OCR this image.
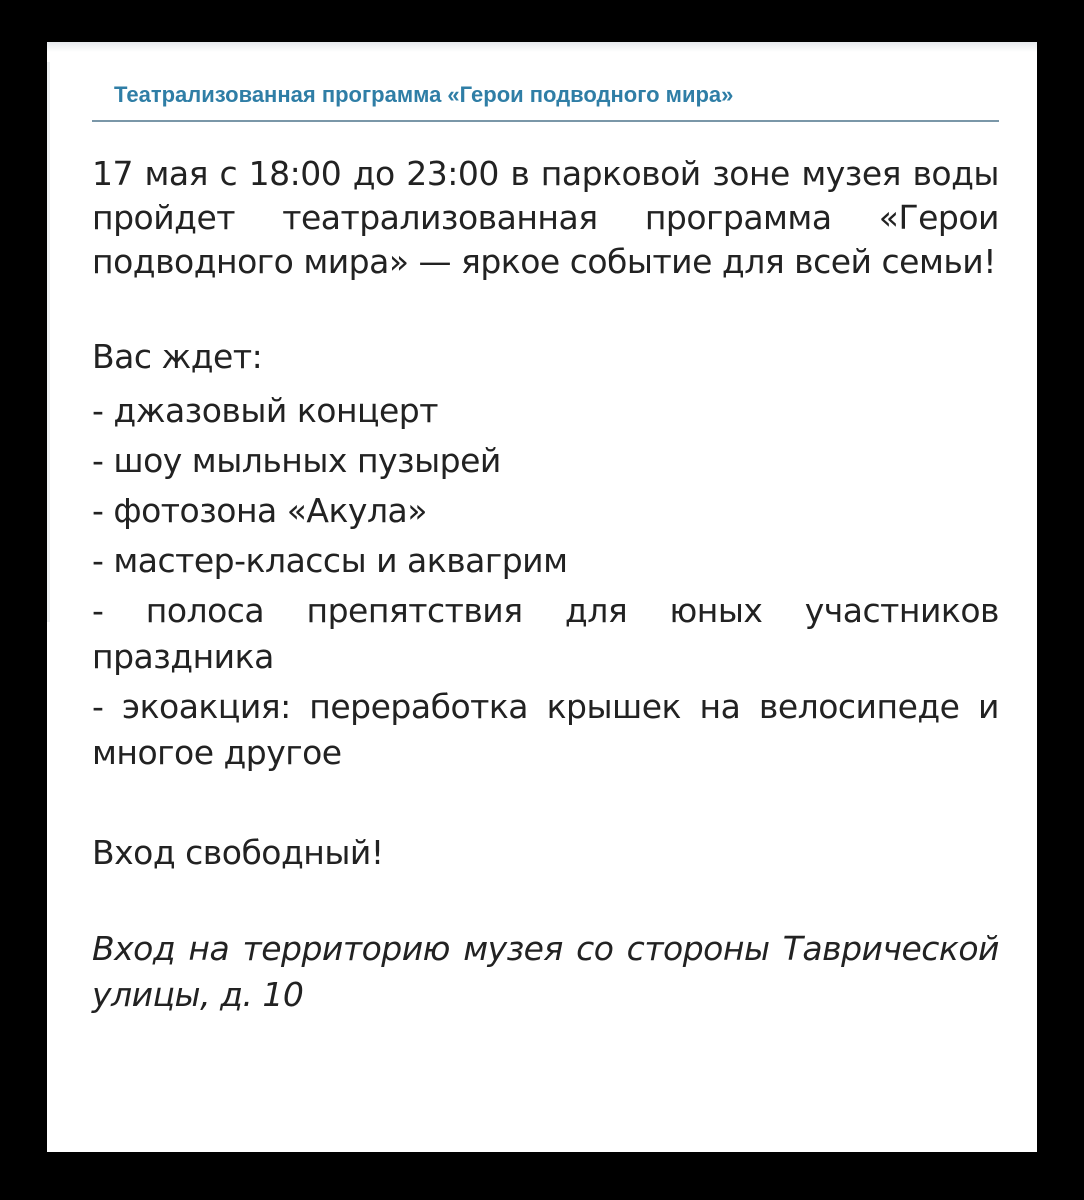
Театрализованная программа «Герои подводного мира»

17 мая с 18:00 до 23:00 в парковой зоне музея воды пройдет театрализованная программа «Герои подводного мира» — яркое событие для всей семьи!

Вас ждет:

- джазовый концерт
- шоу мыльных пузырей
- фотозона «Акула»
- мастер-классы и аквагрим
- полоса препятствия для юных участников праздника
- экоакция: переработка крышек на велосипеде и многое другое

Вход свободный!

Вход на территорию музея со стороны Таврической улицы, д. 10
